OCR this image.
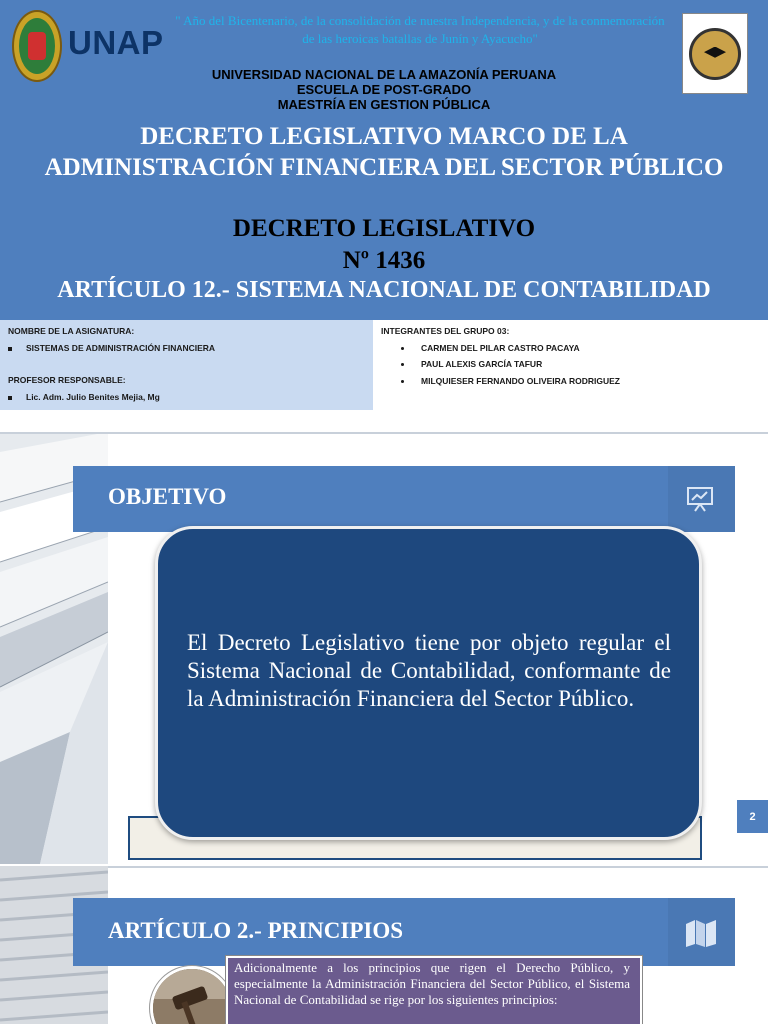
UNAP
" Año del Bicentenario, de la consolidación de nuestra Independencia, y de la conmemoración de las heroicas batallas de Junín y Ayacucho"
UNIVERSIDAD NACIONAL DE LA AMAZONÍA PERUANA
ESCUELA DE POST-GRADO
MAESTRÍA EN GESTION PÚBLICA
DECRETO LEGISLATIVO MARCO DE LA ADMINISTRACIÓN FINANCIERA DEL SECTOR PÚBLICO
DECRETO LEGISLATIVO
Nº 1436
ARTÍCULO 12.- SISTEMA NACIONAL DE CONTABILIDAD
NOMBRE DE LA ASIGNATURA:
SISTEMAS DE ADMINISTRACIÓN FINANCIERA
PROFESOR RESPONSABLE:
Lic. Adm. Julio Benites Mejia, Mg
INTEGRANTES DEL GRUPO 03:
CARMEN DEL PILAR CASTRO PACAYA
PAUL ALEXIS GARCÍA TAFUR
MILQUIESER FERNANDO OLIVEIRA RODRIGUEZ
OBJETIVO
El Decreto Legislativo tiene por objeto regular el Sistema Nacional de Contabilidad, conformante de la Administración Financiera del Sector Público.
2
ARTÍCULO 2.- PRINCIPIOS
Adicionalmente a los principios que rigen el Derecho Público, y especialmente la Administración Financiera del Sector Público, el Sistema Nacional de Contabilidad se rige por los siguientes principios:
